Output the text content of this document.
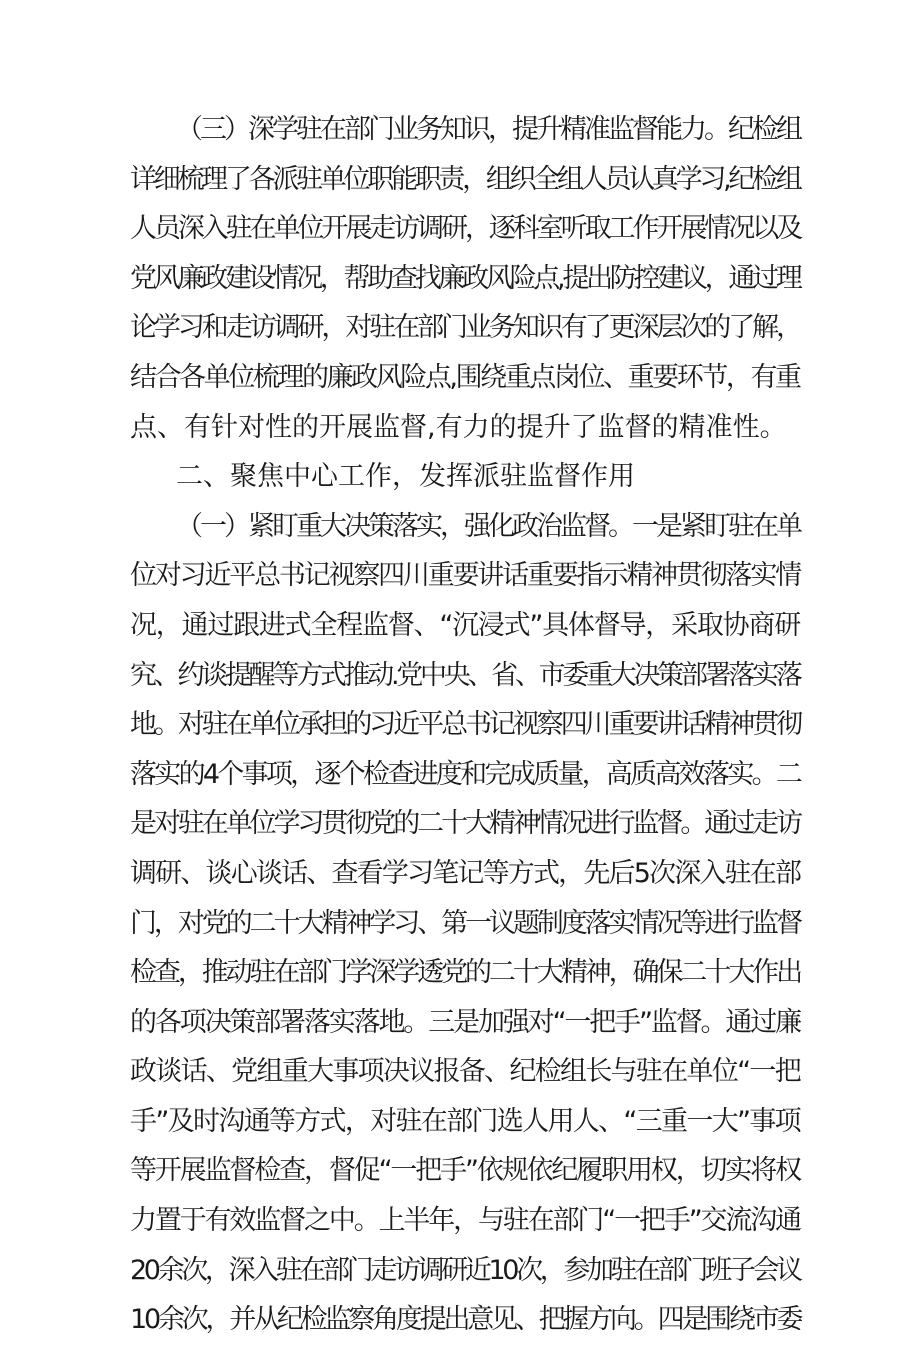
（三）深学驻在部门业务知识，提升精准监督能力。纪检组
详细梳理了各派驻单位职能职责，组织全组人员认真学习,纪检组
人员深入驻在单位开展走访调研，逐科室听取工作开展情况以及
党风廉政建设情况，帮助查找廉政风险点,提出防控建议，通过理
论学习和走访调研，对驻在部门业务知识有了更深层次的了解，
结合各单位梳理的廉政风险点,围绕重点岗位、重要环节，有重
点、有针对性的开展监督,有力的提升了监督的精准性。
二、聚焦中心工作，发挥派驻监督作用
（一）紧盯重大决策落实，强化政治监督。一是紧盯驻在单
位对习近平总书记视察四川重要讲话重要指示精神贯彻落实情
况，通过跟进式全程监督、“沉浸式”具体督导，采取协商研
究、约谈提醒等方式推动.党中央、省、市委重大决策部署落实落
地。对驻在单位承担的习近平总书记视察四川重要讲话精神贯彻
落实的4个事项，逐个检查进度和完成质量，高质高效落实。二
是对驻在单位学习贯彻党的二十大精神情况进行监督。通过走访
调研、谈心谈话、查看学习笔记等方式，先后5次深入驻在部
门，对党的二十大精神学习、第一议题制度落实情况等进行监督
检查，推动驻在部门学深学透党的二十大精神，确保二十大作出
的各项决策部署落实落地。三是加强对“一把手”监督。通过廉
政谈话、党组重大事项决议报备、纪检组长与驻在单位“一把
手”及时沟通等方式，对驻在部门选人用人、“三重一大”事项
等开展监督检查，督促“一把手”依规依纪履职用权，切实将权
力置于有效监督之中。上半年，与驻在部门“一把手”交流沟通
20余次，深入驻在部门走访调研近10次，参加驻在部门班子会议
10余次，并从纪检监察角度提出意见、把握方向。四是围绕市委
